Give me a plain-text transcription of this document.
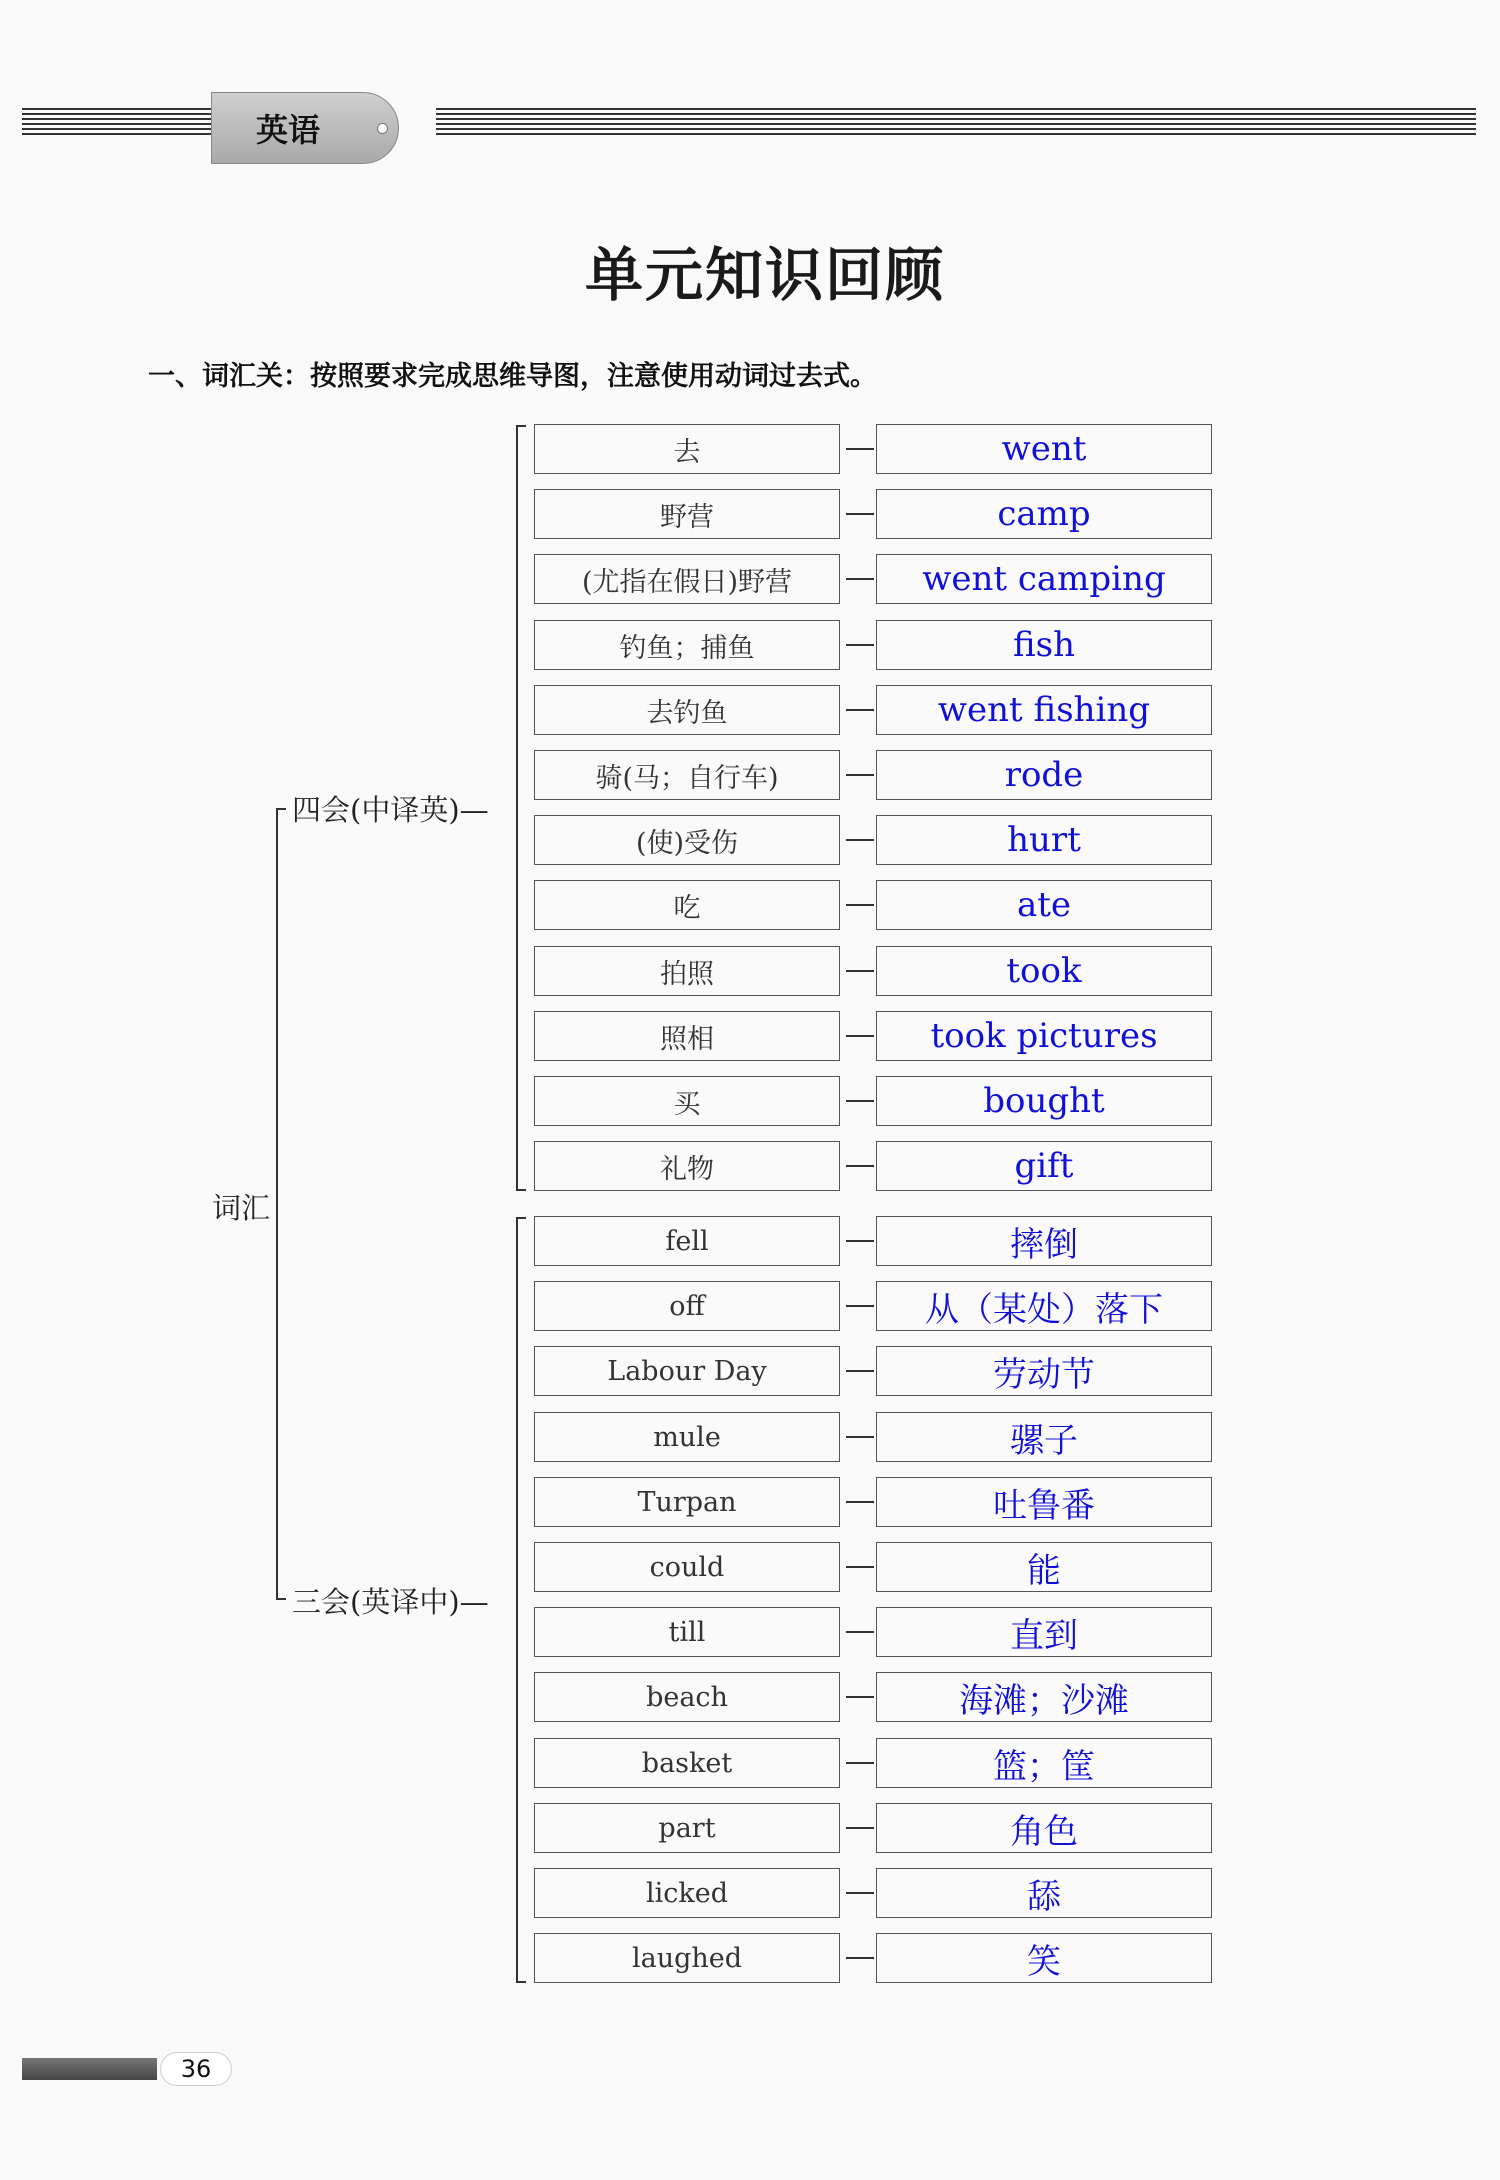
英语
单元知识回顾
一、词汇关：按照要求完成思维导图，注意使用动词过去式。
词汇
四会(中译英)—
三会(英译中)—
去	went
野营	camp
(尤指在假日)野营	went camping
钓鱼；捕鱼	fish
去钓鱼	went fishing
骑(马；自行车)	rode
(使)受伤	hurt
吃	ate
拍照	took
照相	took pictures
买	bought
礼物	gift
fell	摔倒
off	从（某处）落下
Labour Day	劳动节
mule	骡子
Turpan	吐鲁番
could	能
till	直到
beach	海滩；沙滩
basket	篮；筐
part	角色
licked	舔
laughed	笑
36
